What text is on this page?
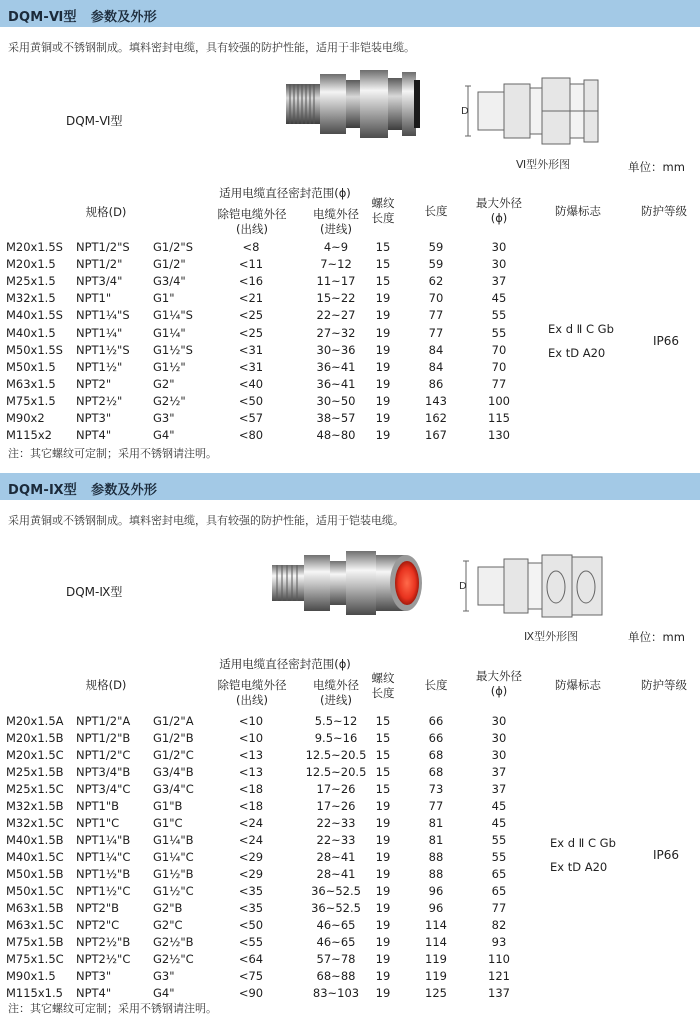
DQM-Ⅵ型   参数及外形
采用黄铜或不锈钢制成。填料密封电缆，具有较强的防护性能，适用于非铠装电缆。
DQM-Ⅵ型
D
Ⅵ型外形图	单位：mm
适用电缆直径密封范围(ϕ)
规格(D)	除铠电缆外径
(出线)
电缆外径
(进线)
螺纹
长度	长度
最大外径
(ϕ)	防爆标志	防护等级
M20x1.5S NPT1/2"S G1/2"S	<8	4~9	15	59	30
M20x1.5 NPT1/2"	G1/2"	<11	7~12	15	59	30
M25x1.5 NPT3/4"	G3/4"	<16	11~17	15	62	37
M32x1.5 NPT1"	G1"	<21	15~22	19	70	45
M40x1.5S NPT1¼"S G1¼"S	<25	22~27	19	77	55
M40x1.5 NPT1¼"	G1¼"	<25	27~32	19	77	55
M50x1.5S NPT1½"S G1½"S	<31	30~36	19	84	70
M50x1.5 NPT1½"	G1½"	<31	36~41	19	84	70
M63x1.5 NPT2"	G2"	<40	36~41	19	86	77
M75x1.5 NPT2½"	G2½"	<50	30~50	19	143	100
M90x2	NPT3"	G3"	<57	38~57	19	162	115
M115x2 NPT4"	G4"	<80	48~80	19	167	130
Ex d Ⅱ C Gb
Ex tD A20
IP66
注：其它螺纹可定制；采用不锈钢请注明。
DQM-Ⅸ型   参数及外形
采用黄铜或不锈钢制成。填料密封电缆，具有较强的防护性能，适用于铠装电缆。
DQM-Ⅸ型	D
Ⅸ型外形图	单位：mm
适用电缆直径密封范围(ϕ)
规格(D)	除铠电缆外径
(出线)
电缆外径
(进线)
螺纹
长度
长度
最大外径
(ϕ)	防爆标志	防护等级
M20x1.5A NPT1/2"A G1/2"A	<10	5.5~12	15	66	30
M20x1.5B NPT1/2"B G1/2"B	<10	9.5~16	15	66	30
M20x1.5C NPT1/2"C G1/2"C	<13	12.5~20.5 15	68	30
M25x1.5B NPT3/4"B G3/4"B	<13	12.5~20.5 15	68	37
M25x1.5C NPT3/4"C G3/4"C	<18	17~26	15	73	37
M32x1.5B NPT1"B	G1"B	<18	17~26	19	77	45
M32x1.5C NPT1"C	G1"C	<24	22~33	19	81	45
M40x1.5B NPT1¼"B G1¼"B	<24	22~33	19	81	55
M40x1.5C NPT1¼"C G1¼"C	<29	28~41	19	88	55
M50x1.5B NPT1½"B G1½"B	<29	28~41	19	88	65
M50x1.5C NPT1½"C G1½"C	<35	36~52.5	19	96	65
M63x1.5B NPT2"B	G2"B	<35	36~52.5	19	96	77
M63x1.5C NPT2"C	G2"C	<50	46~65	19	114	82
M75x1.5B NPT2½"B G2½"B	<55	46~65	19	114	93
M75x1.5C NPT2½"C G2½"C	<64	57~78	19	119	110
M90x1.5 NPT3"	G3"	<75	68~88	19	119	121
M115x1.5 NPT4"	G4"	<90	83~103	19	125	137
Ex d Ⅱ C Gb
Ex tD A20
IP66
注：其它螺纹可定制；采用不锈钢请注明。
